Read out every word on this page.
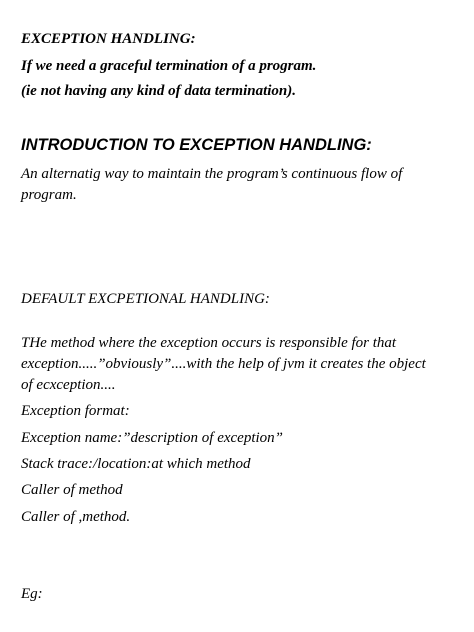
EXCEPTION HANDLING:
If we need a graceful termination of a program.
(ie not having any kind of data termination).
INTRODUCTION TO EXCEPTION HANDLING:
An alternatig way to maintain the program’s continuous flow of
program.
DEFAULT EXCPETIONAL HANDLING:
THe method where the exception occurs is responsible for that
exception.....”obviously”....with the help of jvm it creates the object
of ecxception....
Exception format:
Exception name:”description of exception”
Stack trace:/location:at which method
Caller of method
Caller of ,method.
Eg:
